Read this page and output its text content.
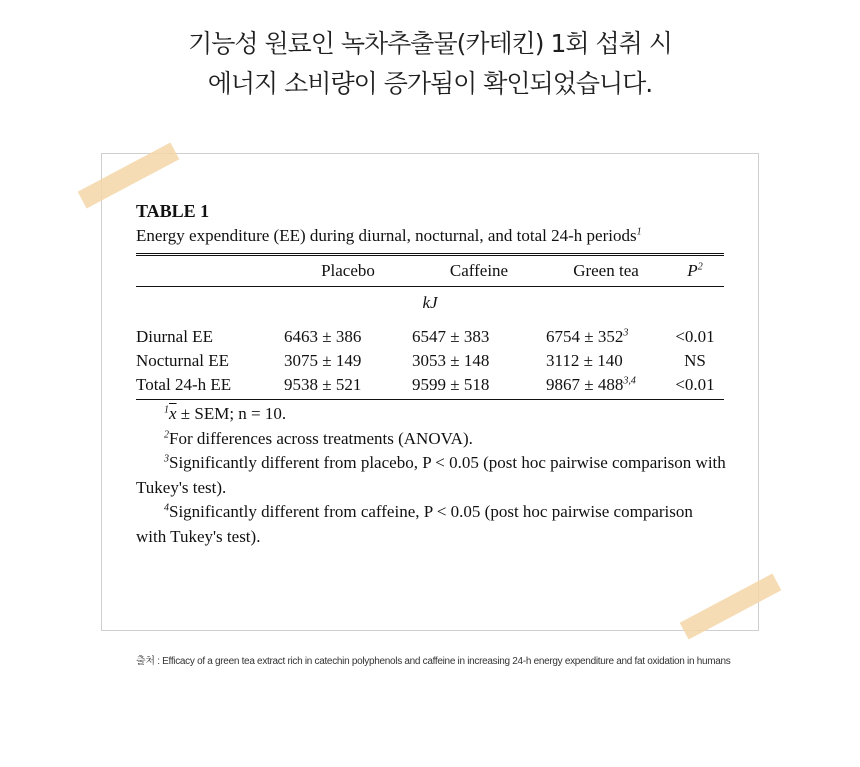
기능성 원료인 녹차추출물(카테킨) 1회 섭취 시
에너지 소비량이 증가됨이 확인되었습니다.

TABLE 1

Energy expenditure (EE) during diurnal, nocturnal, and total 24-h periods$^1$

	Placebo	Caffeine	Green tea	$P^2$
kJ				
Diurnal EE	6463 ± 386	6547 ± 383	$6754 \pm 352^3$	<0.01
Nocturnal EE	3075 ± 149	3053 ± 148	3112 ± 140	NS
Total 24-h EE	9538 ± 521	9599 ± 518	$9867 \pm 488^{3,4}$	<0.01

$^1\overline{x}$ ± SEM; n = 10.

$^2$For differences across treatments (ANOVA).

$^3$Significantly different from placebo, P < 0.05 (post hoc pairwise comparison with Tukey's test).

$^4$Significantly different from caffeine, P < 0.05 (post hoc pairwise comparison with Tukey's test).

출처 : Efficacy of a green tea extract rich in catechin polyphenols and caffeine in increasing 24-h energy expenditure and fat oxidation in humans
